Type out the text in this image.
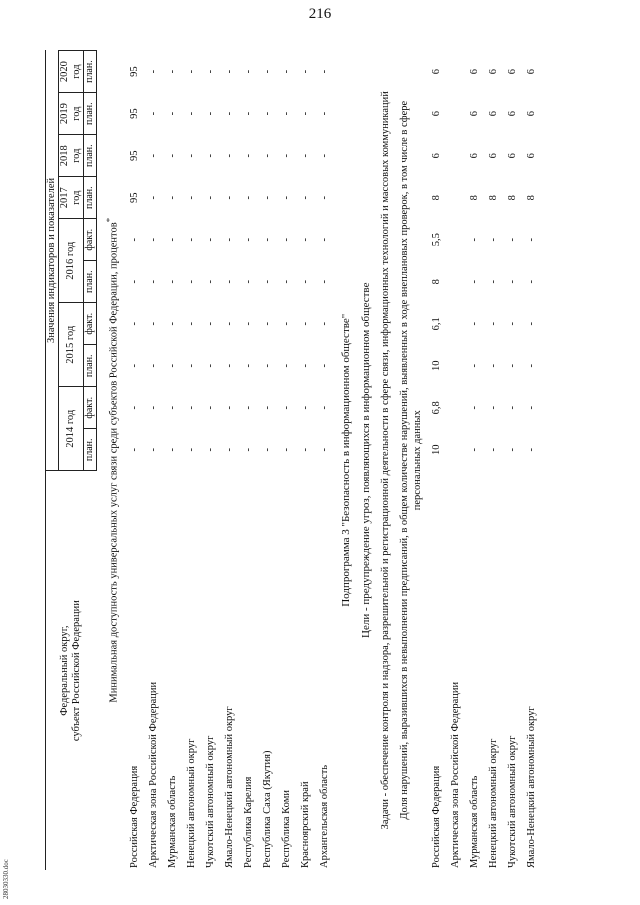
216
28030330.doc
Федеральный округ,
субъект Российской Федерации	Значения индикаторов и показателей									
	2014 год		2015 год		2016 год		2017 год	2018 год	2019 год	2020 год
	план.	факт.	план.	факт.	план.	факт.	план.	план.	план.	план.
Минимальная доступность универсальных услуг связи среди субъектов Российской Федерации, процентов*
Российская Федерация	-	-	-	-	-	-	95	95	95	95
Арктическая зона Российской Федерации	-	-	-	-	-	-	-	-	-	-
Мурманская область	-	-	-	-	-	-	-	-	-	-
Ненецкий автономный округ	-	-	-	-	-	-	-	-	-	-
Чукотский автономный округ	-	-	-	-	-	-	-	-	-	-
Ямало-Ненецкий автономный округ	-	-	-	-	-	-	-	-	-	-
Республика Карелия	-	-	-	-	-	-	-	-	-	-
Республика Саха (Якутия)	-	-	-	-	-	-	-	-	-	-
Республика Коми	-	-	-	-	-	-	-	-	-	-
Красноярский край	-	-	-	-	-	-	-	-	-	-
Архангельская область	-	-	-	-	-	-	-	-	-	-
Подпрограмма 3 "Безопасность в информационном обществе"										
Цели - предупреждение угроз, появляющихся в информационном обществе										
Задачи - обеспечение контроля и надзора, разрешительной и регистрационной деятельности в сфере связи, информационных технологий и массовых коммуникаций										
Доля нарушений, выразившихся в невыполнении предписаний, в общем количестве нарушений, выявленных в ходе внеплановых проверок, в том числе в сфере персональных данных										
Российская Федерация	10	6,8	10	6,1	8	5,5	8	6	6	6
Арктическая зона Российской Федерации										
Мурманская область	-	-	-	-	-	-	8	6	6	6
Ненецкий автономный округ	-	-	-	-	-	-	8	6	6	6
Чукотский автономный округ	-	-	-	-	-	-	8	6	6	6
Ямало-Ненецкий автономный округ	-	-	-	-	-	-	8	6	6	6
